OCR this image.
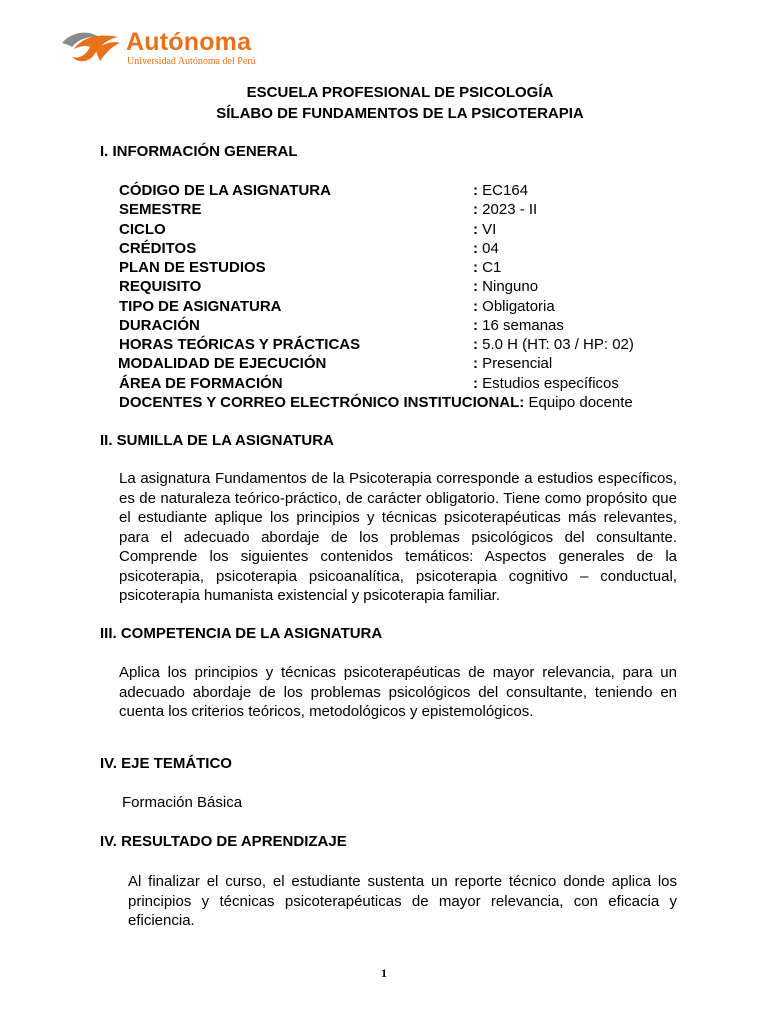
Autónoma
Universidad Autónoma del Perú
ESCUELA PROFESIONAL DE PSICOLOGÍA
SÍLABO DE FUNDAMENTOS DE LA PSICOTERAPIA
I. INFORMACIÓN GENERAL
CÓDIGO DE LA ASIGNATURA	: EC164
SEMESTRE	: 2023 - II
CICLO	: VI
CRÉDITOS	: 04
PLAN DE ESTUDIOS	: C1
REQUISITO	: Ninguno
TIPO DE ASIGNATURA	: Obligatoria
DURACIÓN	: 16 semanas
HORAS TEÓRICAS Y PRÁCTICAS	: 5.0 H (HT: 03 / HP: 02)
MODALIDAD DE EJECUCIÓN	: Presencial
ÁREA DE FORMACIÓN	: Estudios específicos
DOCENTES Y CORREO ELECTRÓNICO INSTITUCIONAL: Equipo docente
II. SUMILLA DE LA ASIGNATURA
La asignatura Fundamentos de la Psicoterapia corresponde a estudios específicos, es de naturaleza teórico-práctico, de carácter obligatorio. Tiene como propósito que el estudiante aplique los principios y técnicas psicoterapéuticas más relevantes, para el adecuado abordaje de los problemas psicológicos del consultante. Comprende los siguientes contenidos temáticos: Aspectos generales de la psicoterapia, psicoterapia psicoanalítica, psicoterapia cognitivo – conductual, psicoterapia humanista existencial y psicoterapia familiar.
III. COMPETENCIA DE LA ASIGNATURA
Aplica los principios y técnicas psicoterapéuticas de mayor relevancia, para un adecuado abordaje de los problemas psicológicos del consultante, teniendo en cuenta los criterios teóricos, metodológicos y epistemológicos.
IV. EJE TEMÁTICO
Formación Básica
IV. RESULTADO DE APRENDIZAJE
Al finalizar el curso, el estudiante sustenta un reporte técnico donde aplica los principios y técnicas psicoterapéuticas de mayor relevancia, con eficacia y eficiencia.
1
